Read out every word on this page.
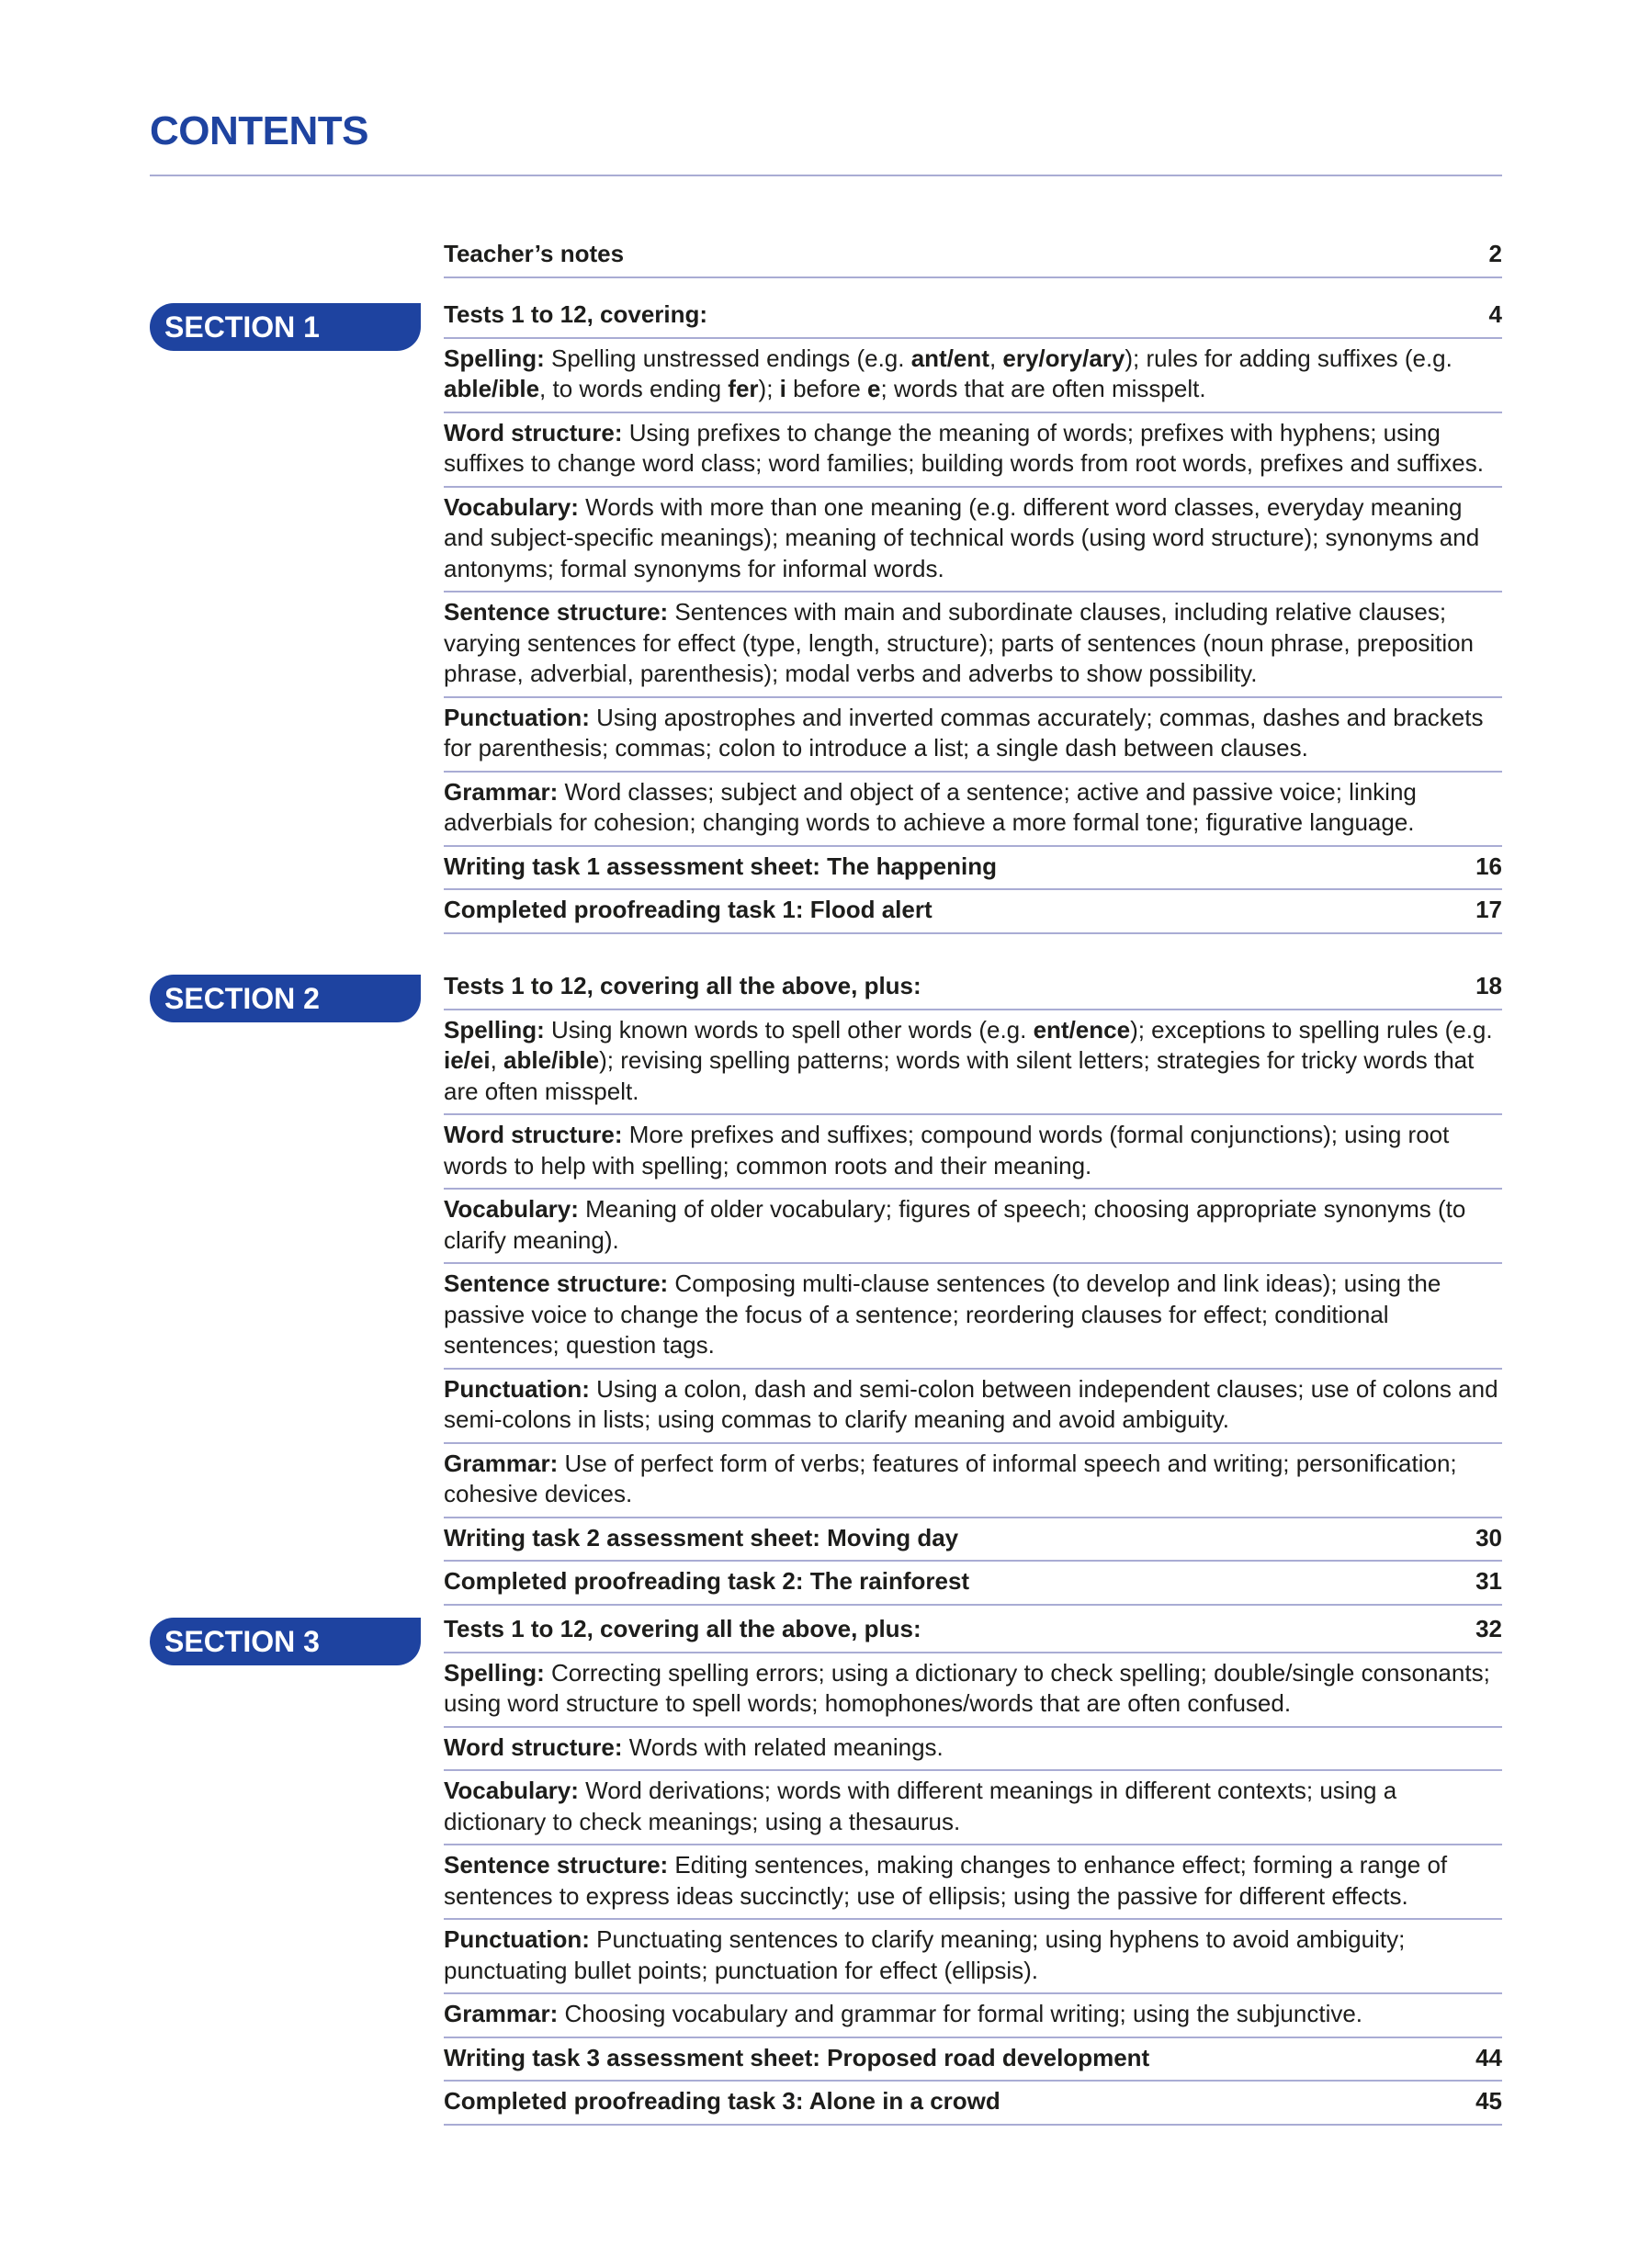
CONTENTS
Teacher’s notes	2
SECTION 1	Tests 1 to 12, covering:	4
Spelling: Spelling unstressed endings (e.g. ant/ent, ery/ory/ary); rules for adding suffixes (e.g. able/ible, to words ending fer); i before e; words that are often misspelt.
Word structure: Using prefixes to change the meaning of words; prefixes with hyphens; using suffixes to change word class; word families; building words from root words, prefixes and suffixes.
Vocabulary: Words with more than one meaning (e.g. different word classes, everyday meaning and subject-specific meanings); meaning of technical words (using word structure); synonyms and antonyms; formal synonyms for informal words.
Sentence structure: Sentences with main and subordinate clauses, including relative clauses; varying sentences for effect (type, length, structure); parts of sentences (noun phrase, preposition phrase, adverbial, parenthesis); modal verbs and adverbs to show possibility.
Punctuation: Using apostrophes and inverted commas accurately; commas, dashes and brackets for parenthesis; commas; colon to introduce a list; a single dash between clauses.
Grammar: Word classes; subject and object of a sentence; active and passive voice; linking adverbials for cohesion; changing words to achieve a more formal tone; figurative language.
Writing task 1 assessment sheet: The happening	16
Completed proofreading task 1: Flood alert	17
SECTION 2	Tests 1 to 12, covering all the above, plus:	18
Spelling: Using known words to spell other words (e.g. ent/ence); exceptions to spelling rules (e.g. ie/ei, able/ible); revising spelling patterns; words with silent letters; strategies for tricky words that are often misspelt.
Word structure: More prefixes and suffixes; compound words (formal conjunctions); using root words to help with spelling; common roots and their meaning.
Vocabulary: Meaning of older vocabulary; figures of speech; choosing appropriate synonyms (to clarify meaning).
Sentence structure: Composing multi-clause sentences (to develop and link ideas); using the passive voice to change the focus of a sentence; reordering clauses for effect; conditional sentences; question tags.
Punctuation: Using a colon, dash and semi-colon between independent clauses; use of colons and semi-colons in lists; using commas to clarify meaning and avoid ambiguity.
Grammar: Use of perfect form of verbs; features of informal speech and writing; personification; cohesive devices.
Writing task 2 assessment sheet: Moving day	30
Completed proofreading task 2: The rainforest	31
SECTION 3	Tests 1 to 12, covering all the above, plus:	32
Spelling: Correcting spelling errors; using a dictionary to check spelling; double/single consonants; using word structure to spell words; homophones/words that are often confused.
Word structure: Words with related meanings.
Vocabulary: Word derivations; words with different meanings in different contexts; using a dictionary to check meanings; using a thesaurus.
Sentence structure: Editing sentences, making changes to enhance effect; forming a range of sentences to express ideas succinctly; use of ellipsis; using the passive for different effects.
Punctuation: Punctuating sentences to clarify meaning; using hyphens to avoid ambiguity; punctuating bullet points; punctuation for effect (ellipsis).
Grammar: Choosing vocabulary and grammar for formal writing; using the subjunctive.
Writing task 3 assessment sheet: Proposed road development	44
Completed proofreading task 3: Alone in a crowd	45
